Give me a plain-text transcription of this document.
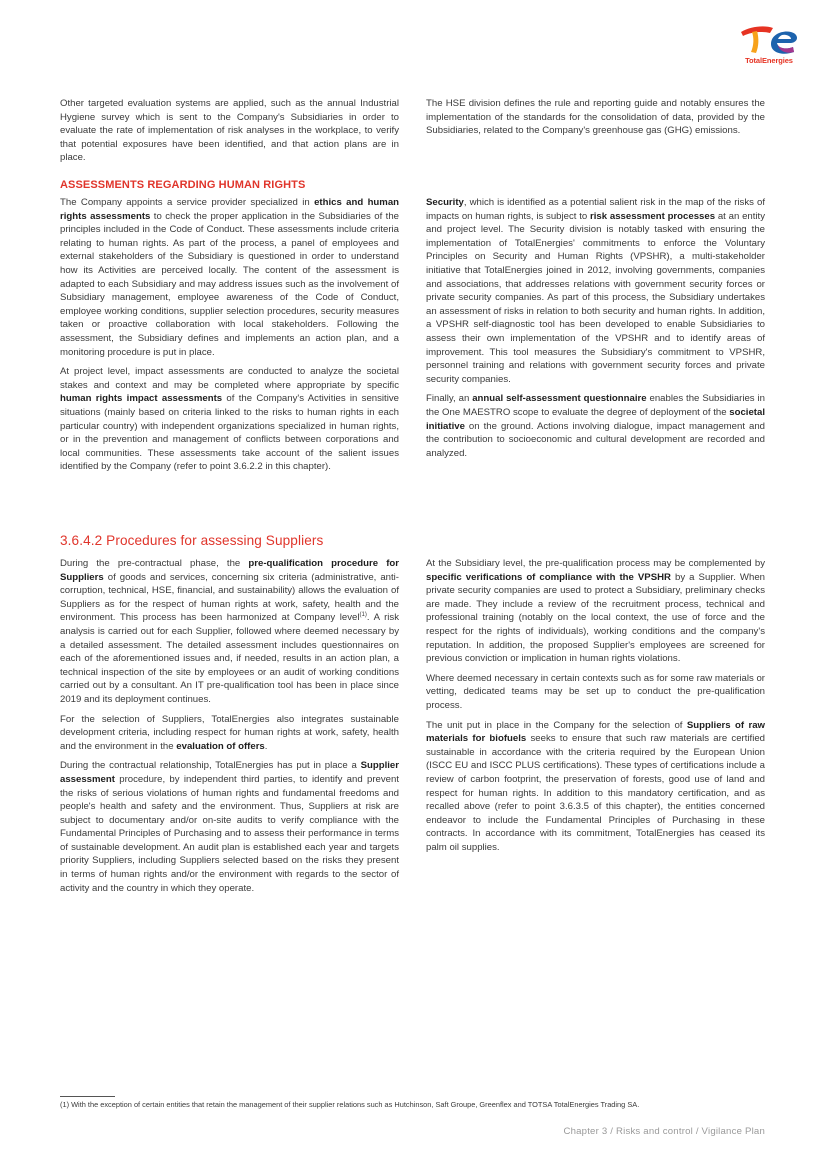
TotalEnergies

Other targeted evaluation systems are applied, such as the annual Industrial Hygiene survey which is sent to the Company's Subsidiaries in order to evaluate the rate of implementation of risk analyses in the workplace, to verify that potential exposures have been identified, and that action plans are in place.

The HSE division defines the rule and reporting guide and notably ensures the implementation of the standards for the consolidation of data, provided by the Subsidiaries, related to the Company's greenhouse gas (GHG) emissions.

ASSESSMENTS REGARDING HUMAN RIGHTS

The Company appoints a service provider specialized in ethics and human rights assessments to check the proper application in the Subsidiaries of the principles included in the Code of Conduct. These assessments include criteria relating to human rights. As part of the process, a panel of employees and external stakeholders of the Subsidiary is questioned in order to understand how its Activities are perceived locally. The content of the assessment is adapted to each Subsidiary and may address issues such as the involvement of Subsidiary management, employee awareness of the Code of Conduct, employee working conditions, supplier selection procedures, security measures taken or proactive collaboration with local stakeholders. Following the assessment, the Subsidiary defines and implements an action plan, and a monitoring procedure is put in place.

At project level, impact assessments are conducted to analyze the societal stakes and context and may be completed where appropriate by specific human rights impact assessments of the Company's Activities in sensitive situations (mainly based on criteria linked to the risks to human rights in each particular country) with independent organizations specialized in human rights, or in the prevention and management of conflicts between corporations and local communities. These assessments take account of the salient issues identified by the Company (refer to point 3.6.2.2 in this chapter).

Security, which is identified as a potential salient risk in the map of the risks of impacts on human rights, is subject to risk assessment processes at an entity and project level. The Security division is notably tasked with ensuring the implementation of TotalEnergies' commitments to enforce the Voluntary Principles on Security and Human Rights (VPSHR), a multi-stakeholder initiative that TotalEnergies joined in 2012, involving governments, companies and associations, that addresses relations with government security forces or private security companies. As part of this process, the Subsidiary undertakes an assessment of risks in relation to both security and human rights. In addition, a VPSHR self-diagnostic tool has been developed to enable Subsidiaries to assess their own implementation of the VPSHR and to identify areas of improvement. This tool measures the Subsidiary's commitment to VPSHR, personnel training and relations with government security forces and private security companies.

Finally, an annual self-assessment questionnaire enables the Subsidiaries in the One MAESTRO scope to evaluate the degree of deployment of the societal initiative on the ground. Actions involving dialogue, impact management and the contribution to socioeconomic and cultural development are recorded and analyzed.

3.6.4.2 Procedures for assessing Suppliers

During the pre-contractual phase, the pre-qualification procedure for Suppliers of goods and services, concerning six criteria (administrative, anti-corruption, technical, HSE, financial, and sustainability) allows the evaluation of Suppliers as for the respect of human rights at work, safety, health and the environment. This process has been harmonized at Company level$^{(1)}$. A risk analysis is carried out for each Supplier, followed where deemed necessary by a detailed assessment. The detailed assessment includes questionnaires on each of the aforementioned issues and, if needed, results in an action plan, a technical inspection of the site by employees or an audit of working conditions carried out by a consultant. An IT pre-qualification tool has been in place since 2019 and its deployment continues.

For the selection of Suppliers, TotalEnergies also integrates sustainable development criteria, including respect for human rights at work, safety, health and the environment in the evaluation of offers.

During the contractual relationship, TotalEnergies has put in place a Supplier assessment procedure, by independent third parties, to identify and prevent the risks of serious violations of human rights and fundamental freedoms and people's health and safety and the environment. Thus, Suppliers at risk are subject to documentary and/or on-site audits to verify compliance with the Fundamental Principles of Purchasing and to assess their performance in terms of sustainable development. An audit plan is established each year and targets priority Suppliers, including Suppliers selected based on the risks they present in terms of human rights and/or the environment with regards to the sector of activity and the country in which they operate.

At the Subsidiary level, the pre-qualification process may be complemented by specific verifications of compliance with the VPSHR by a Supplier. When private security companies are used to protect a Subsidiary, preliminary checks are made. They include a review of the recruitment process, technical and professional training (notably on the local context, the use of force and the respect for the rights of individuals), working conditions and the company's reputation. In addition, the proposed Supplier's employees are screened for previous conviction or implication in human rights violations.

Where deemed necessary in certain contexts such as for some raw materials or vetting, dedicated teams may be set up to conduct the pre-qualification process.

The unit put in place in the Company for the selection of Suppliers of raw materials for biofuels seeks to ensure that such raw materials are certified sustainable in accordance with the criteria required by the European Union (ISCC EU and ISCC PLUS certifications). These types of certifications include a review of carbon footprint, the preservation of forests, good use of land and respect for human rights. In addition to this mandatory certification, and as recalled above (refer to point 3.6.3.5 of this chapter), the entities concerned endeavor to include the Fundamental Principles of Purchasing in these contracts. In accordance with its commitment, TotalEnergies has ceased its palm oil supplies.

(1) With the exception of certain entities that retain the management of their supplier relations such as Hutchinson, Saft Groupe, Greenflex and TOTSA TotalEnergies Trading SA.
Chapter 3 / Risks and control / Vigilance Plan
